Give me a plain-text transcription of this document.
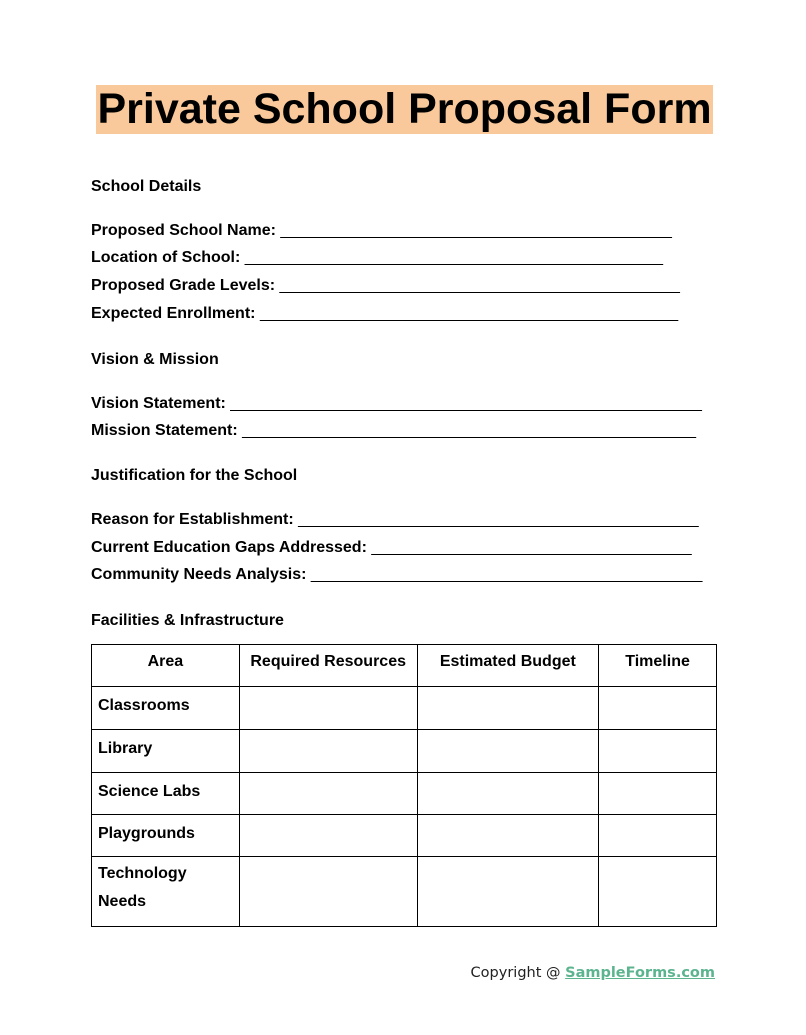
Private School Proposal Form
School Details
Proposed School Name: ____________________________________________
Location of School: _______________________________________________
Proposed Grade Levels: _____________________________________________
Expected Enrollment: _______________________________________________
Vision & Mission
Vision Statement: _____________________________________________________
Mission Statement: ___________________________________________________
Justification for the School
Reason for Establishment: _____________________________________________
Current Education Gaps Addressed: ____________________________________
Community Needs Analysis: ____________________________________________
Facilities & Infrastructure
Area	Required Resources	Estimated Budget	Timeline
Classrooms			
Library			
Science Labs			
Playgrounds			
Technology Needs			
Copyright @ SampleForms.com
